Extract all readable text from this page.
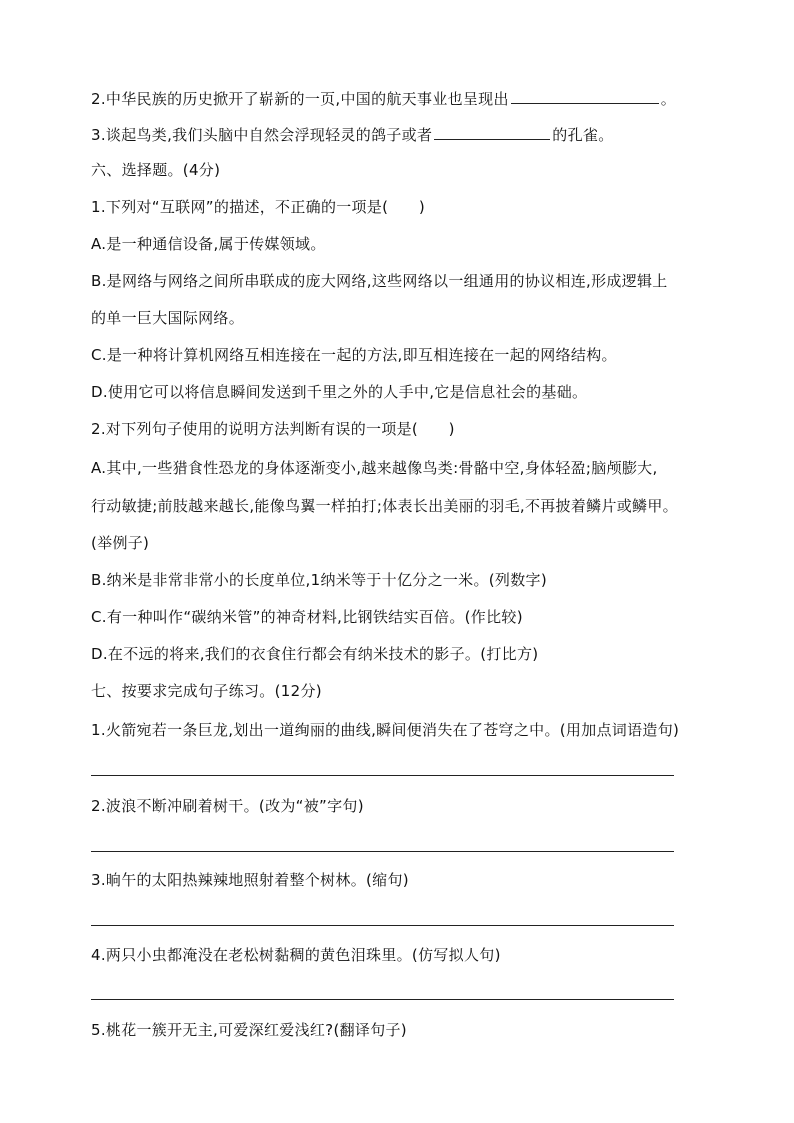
2.中华民族的历史掀开了崭新的一页,中国的航天事业也呈现出	。
3.谈起鸟类,我们头脑中自然会浮现轻灵的鸽子或者	的孔雀。
六、选择题。(4分)
1.下列对“互联网”的描述，不正确的一项是(　　)
A.是一种通信设备,属于传媒领域。
B.是网络与网络之间所串联成的庞大网络,这些网络以一组通用的协议相连,形成逻辑上
的单一巨大国际网络。
C.是一种将计算机网络互相连接在一起的方法,即互相连接在一起的网络结构。
D.使用它可以将信息瞬间发送到千里之外的人手中,它是信息社会的基础。
2.对下列句子使用的说明方法判断有误的一项是(　　)
A.其中,一些猎食性恐龙的身体逐渐变小,越来越像鸟类:骨骼中空,身体轻盈;脑颅膨大,
行动敏捷;前肢越来越长,能像鸟翼一样拍打;体表长出美丽的羽毛,不再披着鳞片或鳞甲。
(举例子)
B.纳米是非常非常小的长度单位,1纳米等于十亿分之一米。(列数字)
C.有一种叫作“碳纳米管”的神奇材料,比钢铁结实百倍。(作比较)
D.在不远的将来,我们的衣食住行都会有纳米技术的影子。(打比方)
七、按要求完成句子练习。(12分)
1.火箭宛若一条巨龙,划出一道绚丽的曲线,瞬间便消失在了苍穹之中。(用加点词语造句)
2.波浪不断冲刷着树干。(改为“被”字句)
3.晌午的太阳热辣辣地照射着整个树林。(缩句)
4.两只小虫都淹没在老松树黏稠的黄色泪珠里。(仿写拟人句)
5.桃花一簇开无主,可爱深红爱浅红?(翻译句子)
